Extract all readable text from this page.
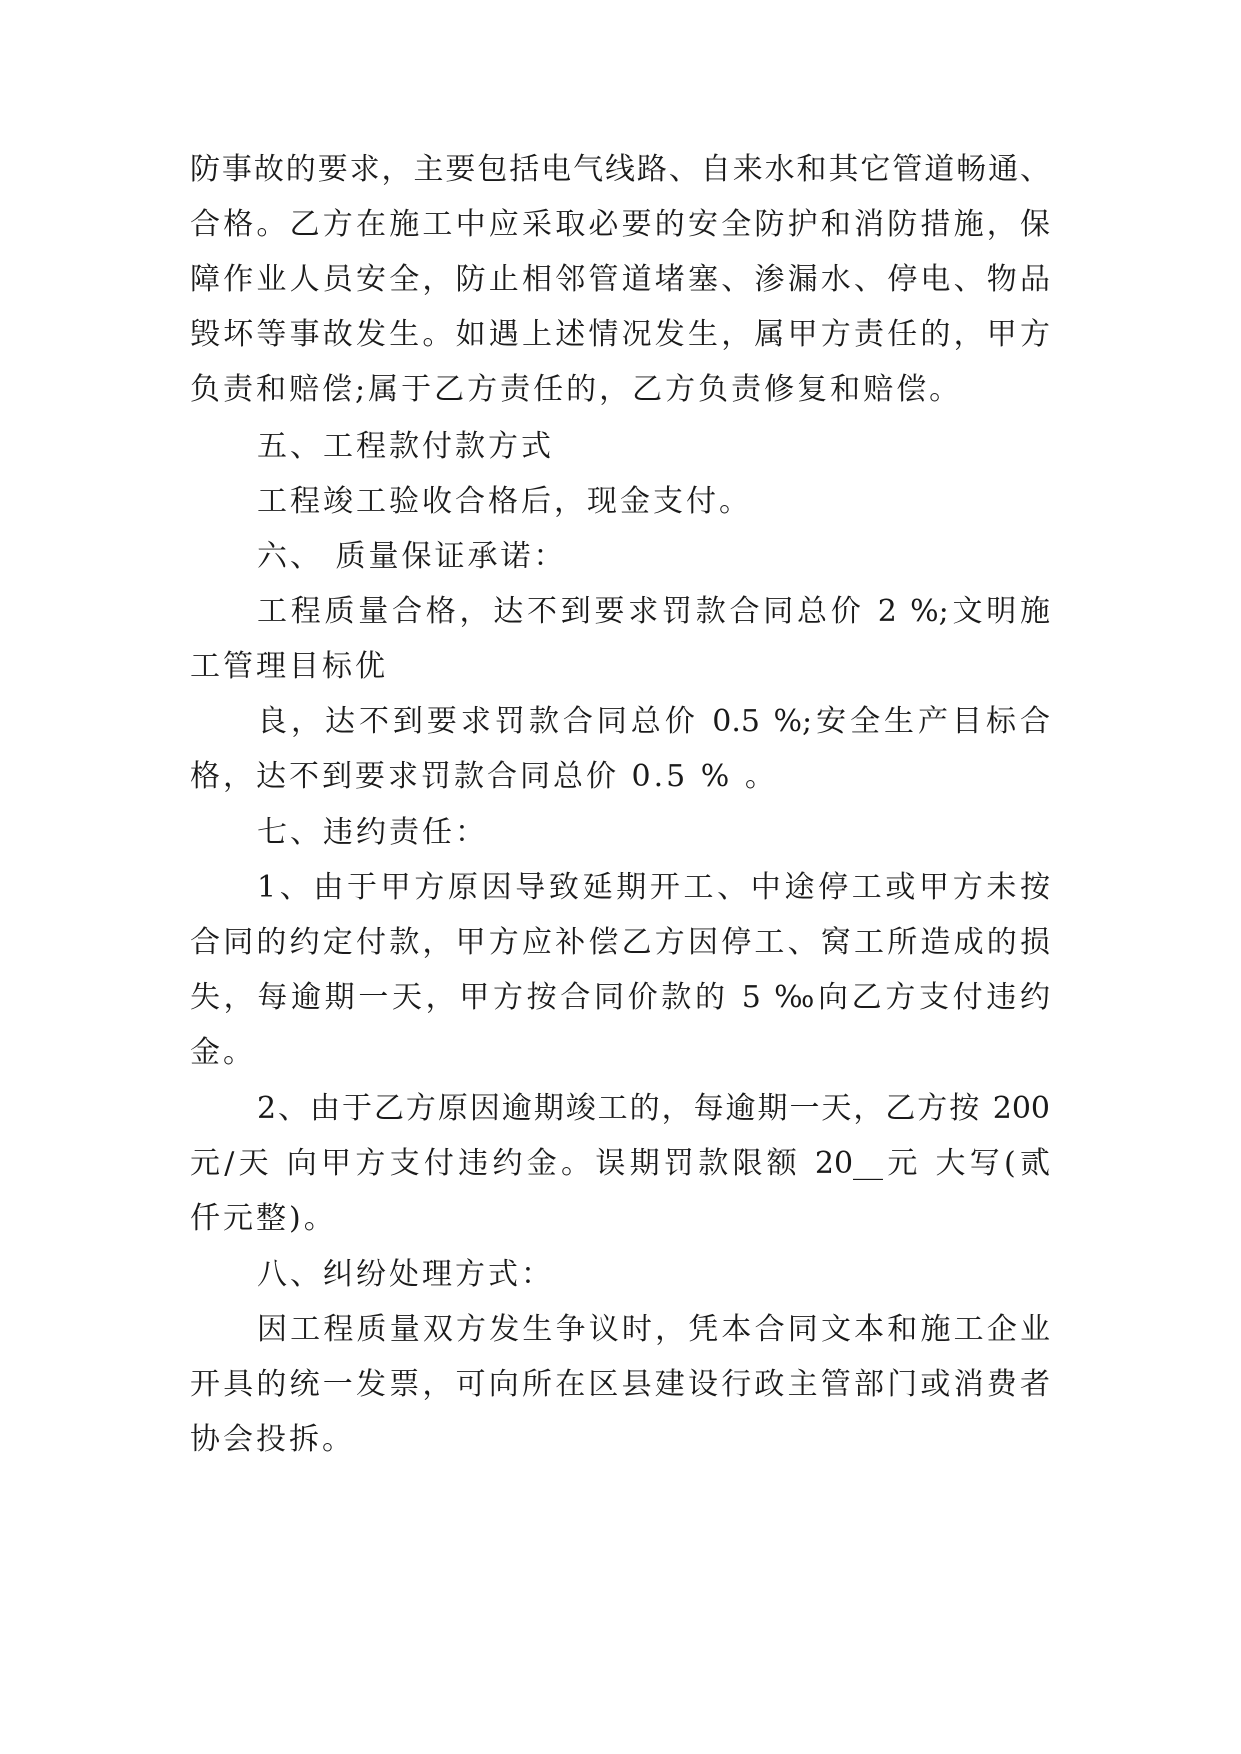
防事故的要求，主要包括电气线路、自来水和其它管道畅通、
合格。乙方在施工中应采取必要的安全防护和消防措施，保
障作业人员安全，防止相邻管道堵塞、渗漏水、停电、物品
毁坏等事故发生。如遇上述情况发生，属甲方责任的，甲方
负责和赔偿;属于乙方责任的，乙方负责修复和赔偿。
五、工程款付款方式
工程竣工验收合格后，现金支付。
六、 质量保证承诺：
工程质量合格，达不到要求罚款合同总价 2 %;文明施
工管理目标优
良，达不到要求罚款合同总价 0.5 %;安全生产目标合
格，达不到要求罚款合同总价 0.5 % 。
七、违约责任：
1、由于甲方原因导致延期开工、中途停工或甲方未按
合同的约定付款，甲方应补偿乙方因停工、窝工所造成的损
失，每逾期一天，甲方按合同价款的 5 ‰向乙方支付违约
金。
2、由于乙方原因逾期竣工的，每逾期一天，乙方按 200
元/天 向甲方支付违约金。误期罚款限额 20__元 大写(贰
仟元整)。
八、纠纷处理方式：
因工程质量双方发生争议时，凭本合同文本和施工企业
开具的统一发票，可向所在区县建设行政主管部门或消费者
协会投拆。
